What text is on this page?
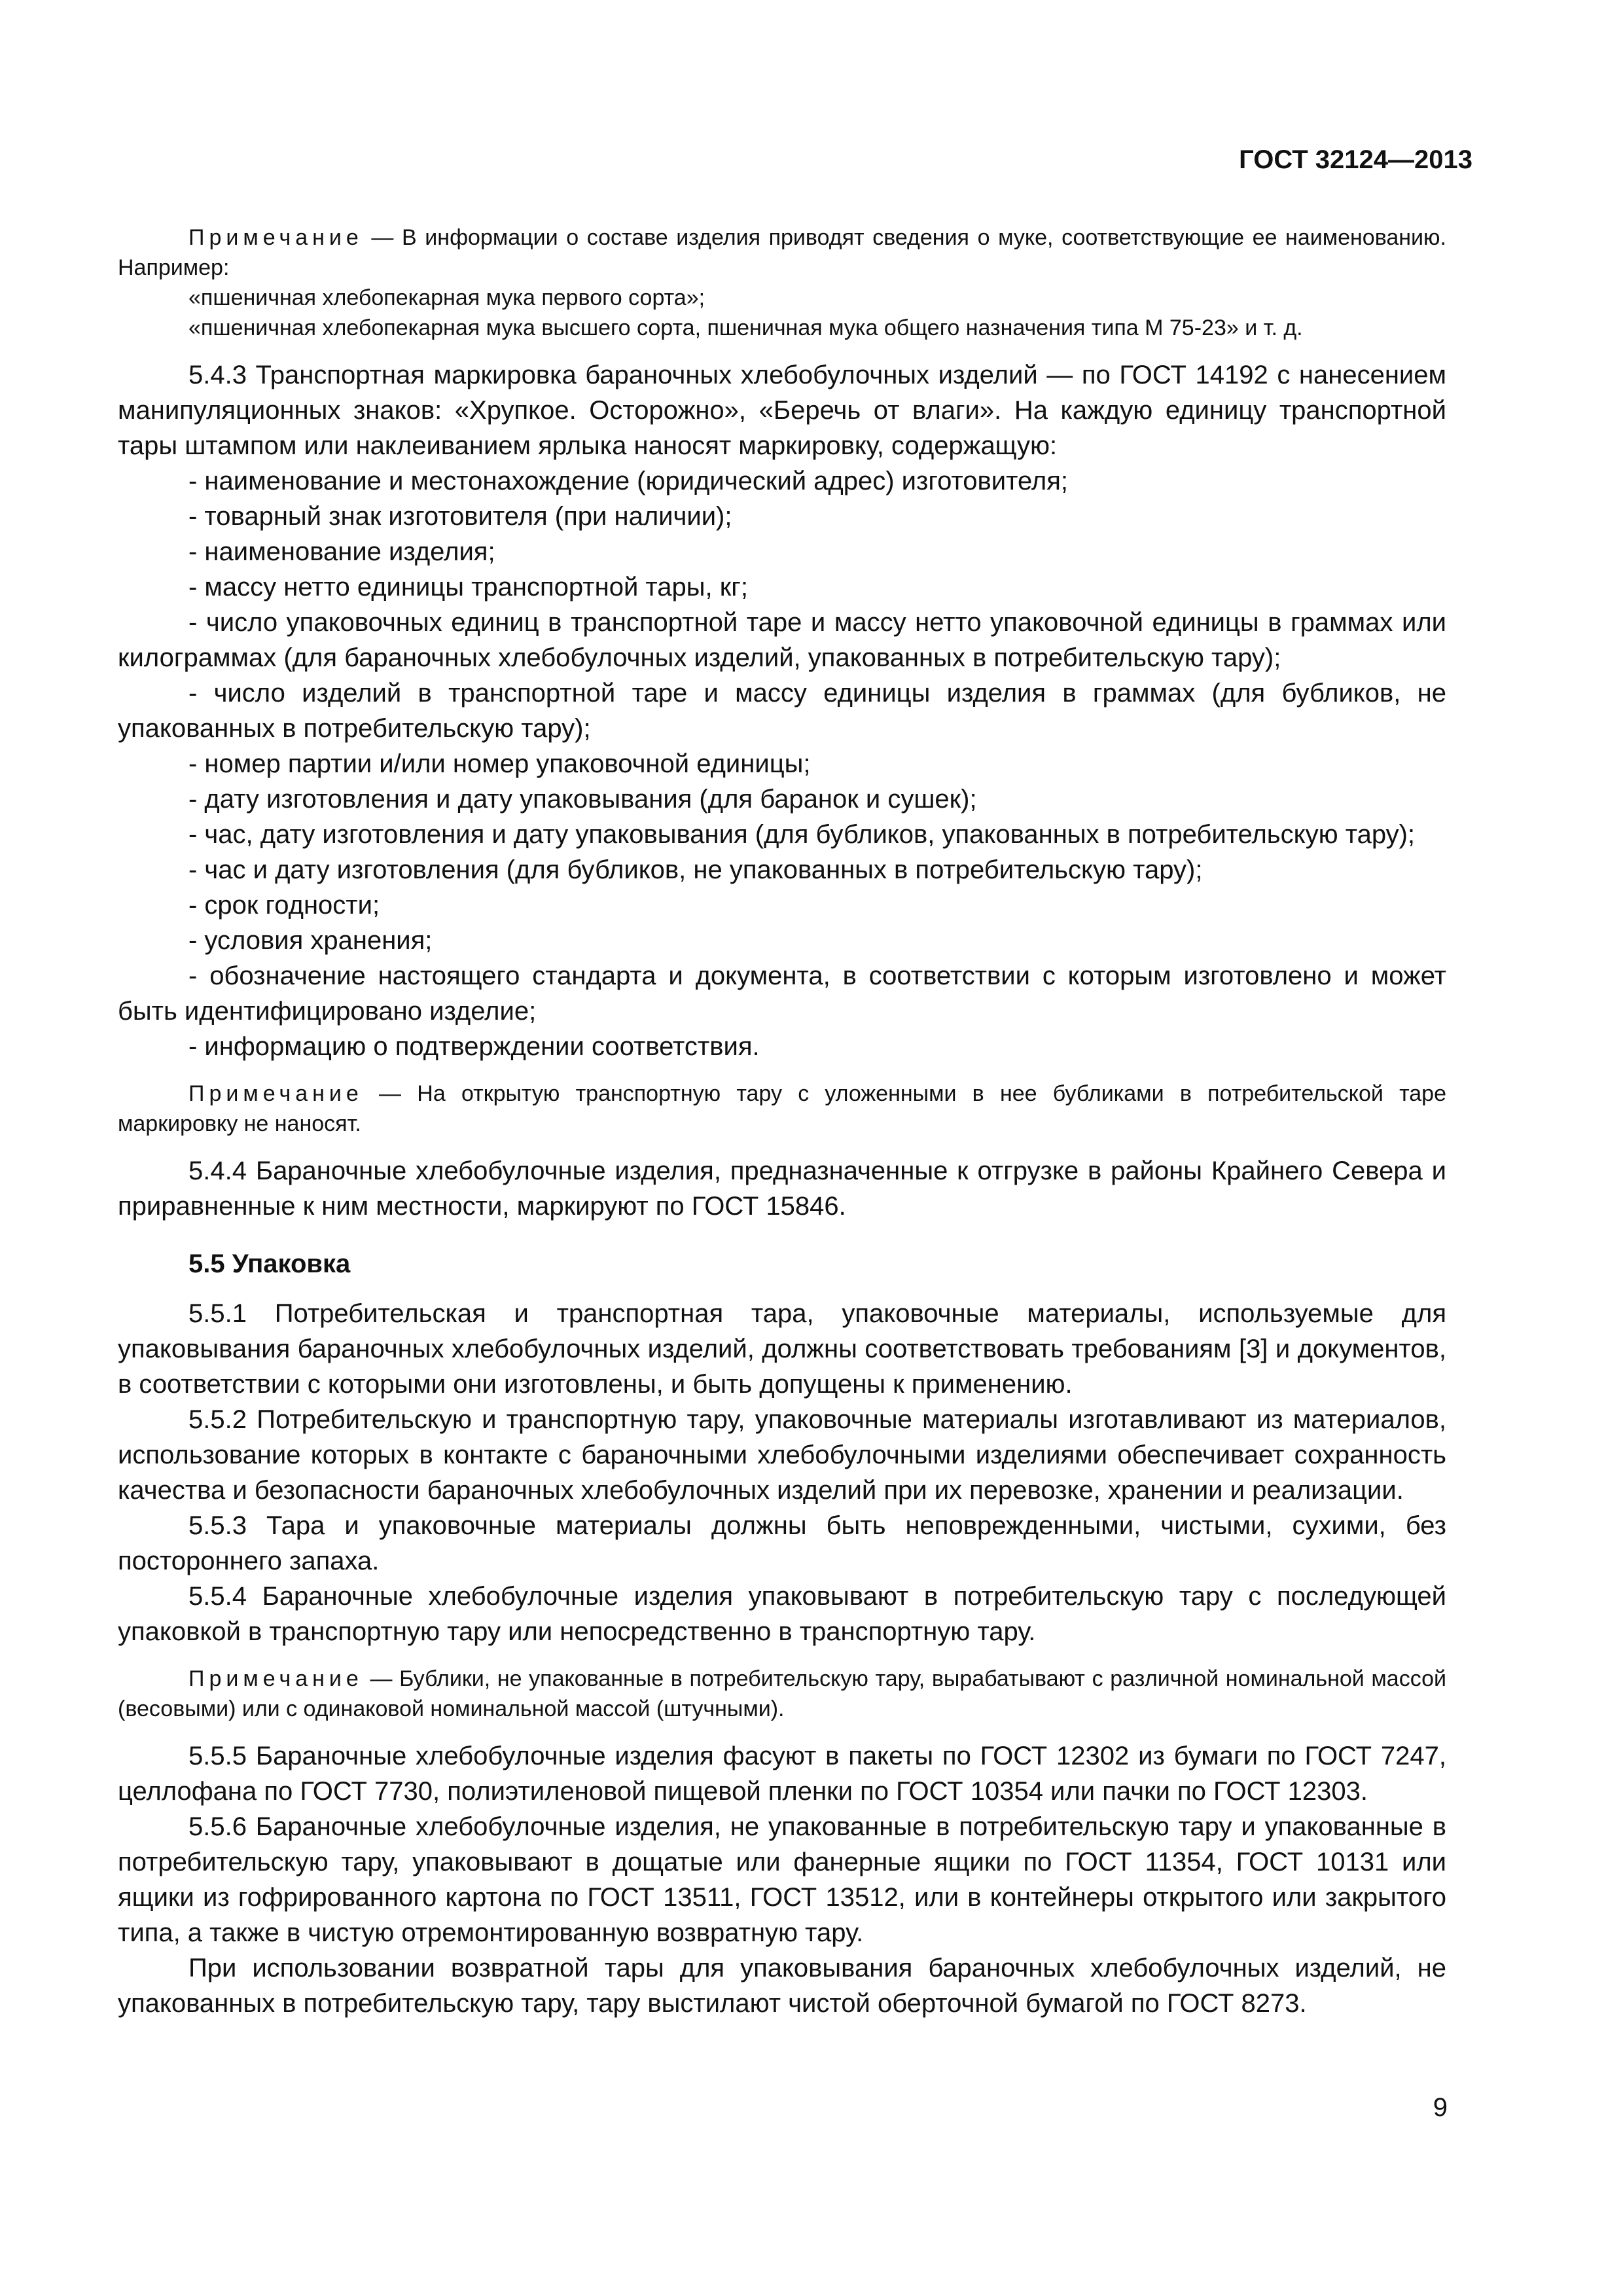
ГОСТ 32124—2013

Примечание — В информации о составе изделия приводят сведения о муке, соответствующие ее наименованию. Например:

«пшеничная хлебопекарная мука первого сорта»;

«пшеничная хлебопекарная мука высшего сорта, пшеничная мука общего назначения типа М 75-23» и т. д.

5.4.3 Транспортная маркировка бараночных хлебобулочных изделий — по ГОСТ 14192 с нанесением манипуляционных знаков: «Хрупкое. Осторожно», «Беречь от влаги». На каждую единицу транспортной тары штампом или наклеиванием ярлыка наносят маркировку, содержащую:

- наименование и местонахождение (юридический адрес) изготовителя;

- товарный знак изготовителя (при наличии);

- наименование изделия;

- массу нетто единицы транспортной тары, кг;

- число упаковочных единиц в транспортной таре и массу нетто упаковочной единицы в граммах или килограммах (для бараночных хлебобулочных изделий, упакованных в потребительскую тару);

- число изделий в транспортной таре и массу единицы изделия в граммах (для бубликов, не упакованных в потребительскую тару);

- номер партии и/или номер упаковочной единицы;

- дату изготовления и дату упаковывания (для баранок и сушек);

- час, дату изготовления и дату упаковывания (для бубликов, упакованных в потребительскую тару);

- час и дату изготовления (для бубликов, не упакованных в потребительскую тару);

- срок годности;

- условия хранения;

- обозначение настоящего стандарта и документа, в соответствии с которым изготовлено и может быть идентифицировано изделие;

- информацию о подтверждении соответствия.

Примечание — На открытую транспортную тару с уложенными в нее бубликами в потребительской таре маркировку не наносят.

5.4.4 Бараночные хлебобулочные изделия, предназначенные к отгрузке в районы Крайнего Севера и приравненные к ним местности, маркируют по ГОСТ 15846.

5.5 Упаковка

5.5.1 Потребительская и транспортная тара, упаковочные материалы, используемые для упаковывания бараночных хлебобулочных изделий, должны соответствовать требованиям [3] и документов, в соответствии с которыми они изготовлены, и быть допущены к применению.

5.5.2 Потребительскую и транспортную тару, упаковочные материалы изготавливают из материалов, использование которых в контакте с бараночными хлебобулочными изделиями обеспечивает сохранность качества и безопасности бараночных хлебобулочных изделий при их перевозке, хранении и реализации.

5.5.3 Тара и упаковочные материалы должны быть неповрежденными, чистыми, сухими, без постороннего запаха.

5.5.4 Бараночные хлебобулочные изделия упаковывают в потребительскую тару с последующей упаковкой в транспортную тару или непосредственно в транспортную тару.

Примечание — Бублики, не упакованные в потребительскую тару, вырабатывают с различной номинальной массой (весовыми) или с одинаковой номинальной массой (штучными).

5.5.5 Бараночные хлебобулочные изделия фасуют в пакеты по ГОСТ 12302 из бумаги по ГОСТ 7247, целлофана по ГОСТ 7730, полиэтиленовой пищевой пленки по ГОСТ 10354 или пачки по ГОСТ 12303.

5.5.6 Бараночные хлебобулочные изделия, не упакованные в потребительскую тару и упакованные в потребительскую тару, упаковывают в дощатые или фанерные ящики по ГОСТ 11354, ГОСТ 10131 или ящики из гофрированного картона по ГОСТ 13511, ГОСТ 13512, или в контейнеры открытого или закрытого типа, а также в чистую отремонтированную возвратную тару.

При использовании возвратной тары для упаковывания бараночных хлебобулочных изделий, не упакованных в потребительскую тару, тару выстилают чистой оберточной бумагой по ГОСТ 8273.

9
